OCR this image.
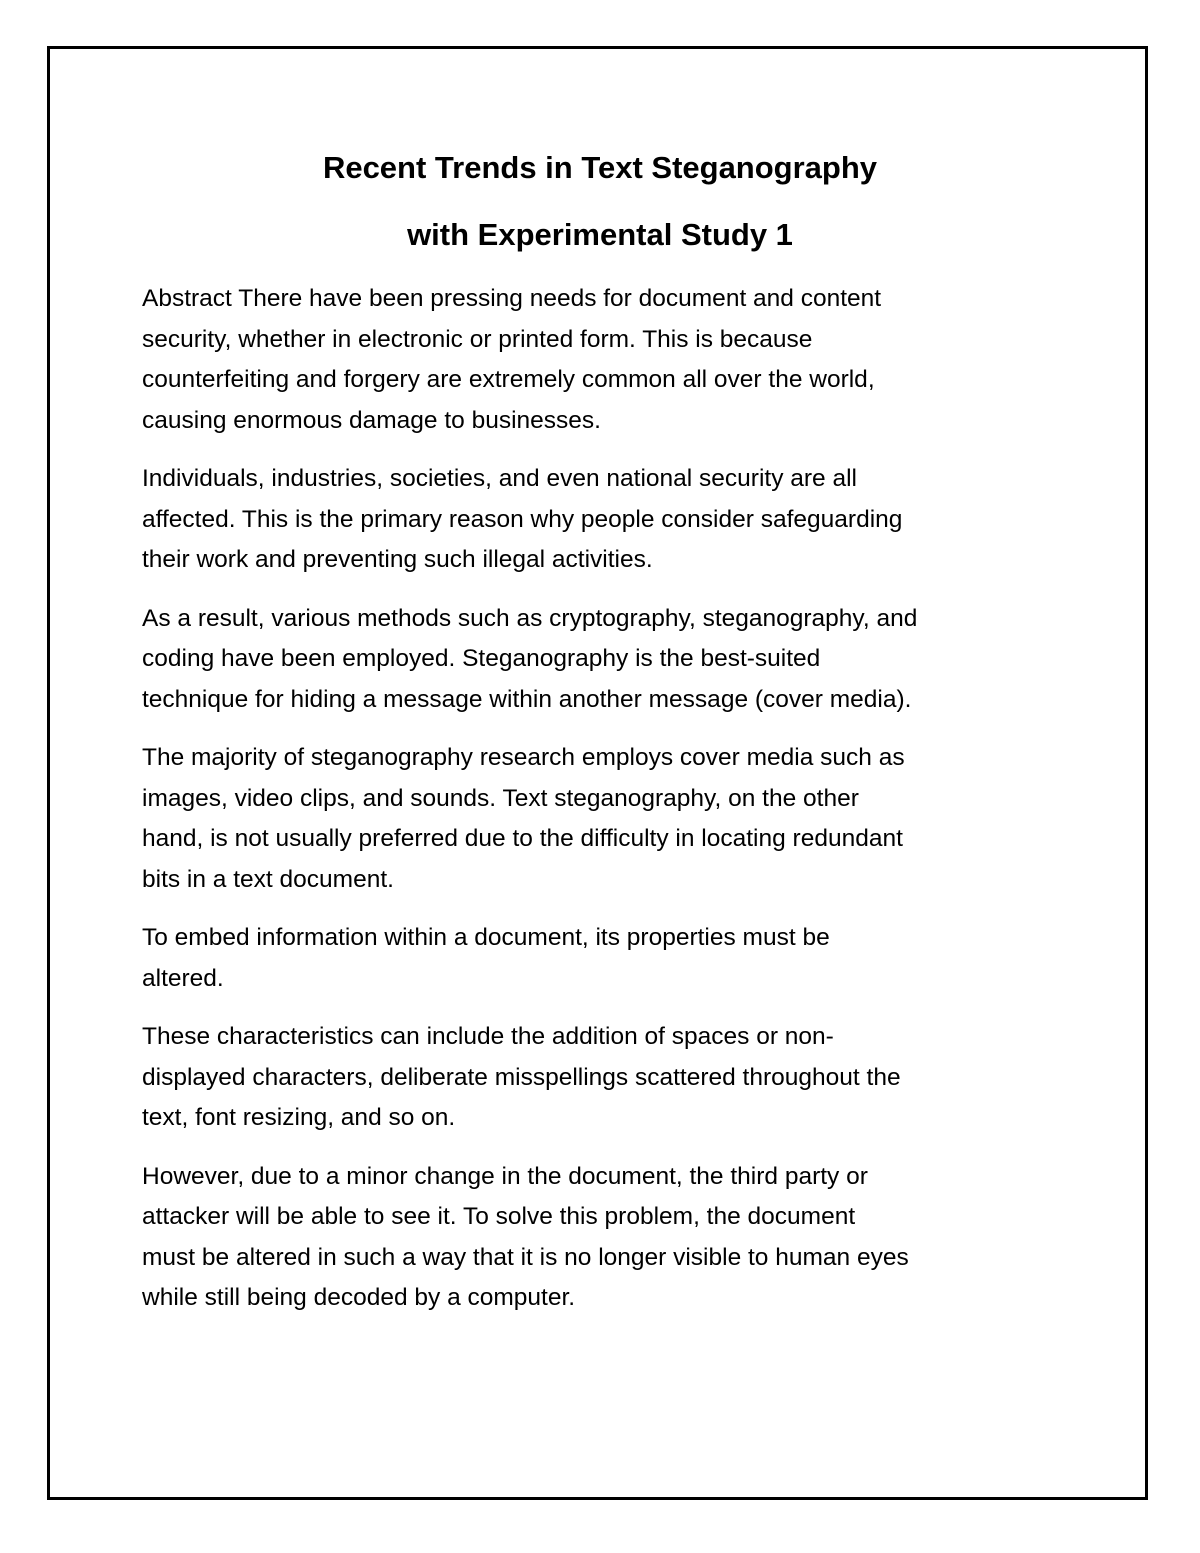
Recent Trends in Text Steganography
with Experimental Study 1

Abstract There have been pressing needs for document and content
security, whether in electronic or printed form. This is because
counterfeiting and forgery are extremely common all over the world,
causing enormous damage to businesses.

Individuals, industries, societies, and even national security are all
affected. This is the primary reason why people consider safeguarding
their work and preventing such illegal activities.

As a result, various methods such as cryptography, steganography, and
coding have been employed. Steganography is the best-suited
technique for hiding a message within another message (cover media).

The majority of steganography research employs cover media such as
images, video clips, and sounds. Text steganography, on the other
hand, is not usually preferred due to the difficulty in locating redundant
bits in a text document.

To embed information within a document, its properties must be
altered.

These characteristics can include the addition of spaces or non-
displayed characters, deliberate misspellings scattered throughout the
text, font resizing, and so on.

However, due to a minor change in the document, the third party or
attacker will be able to see it. To solve this problem, the document
must be altered in such a way that it is no longer visible to human eyes
while still being decoded by a computer.
